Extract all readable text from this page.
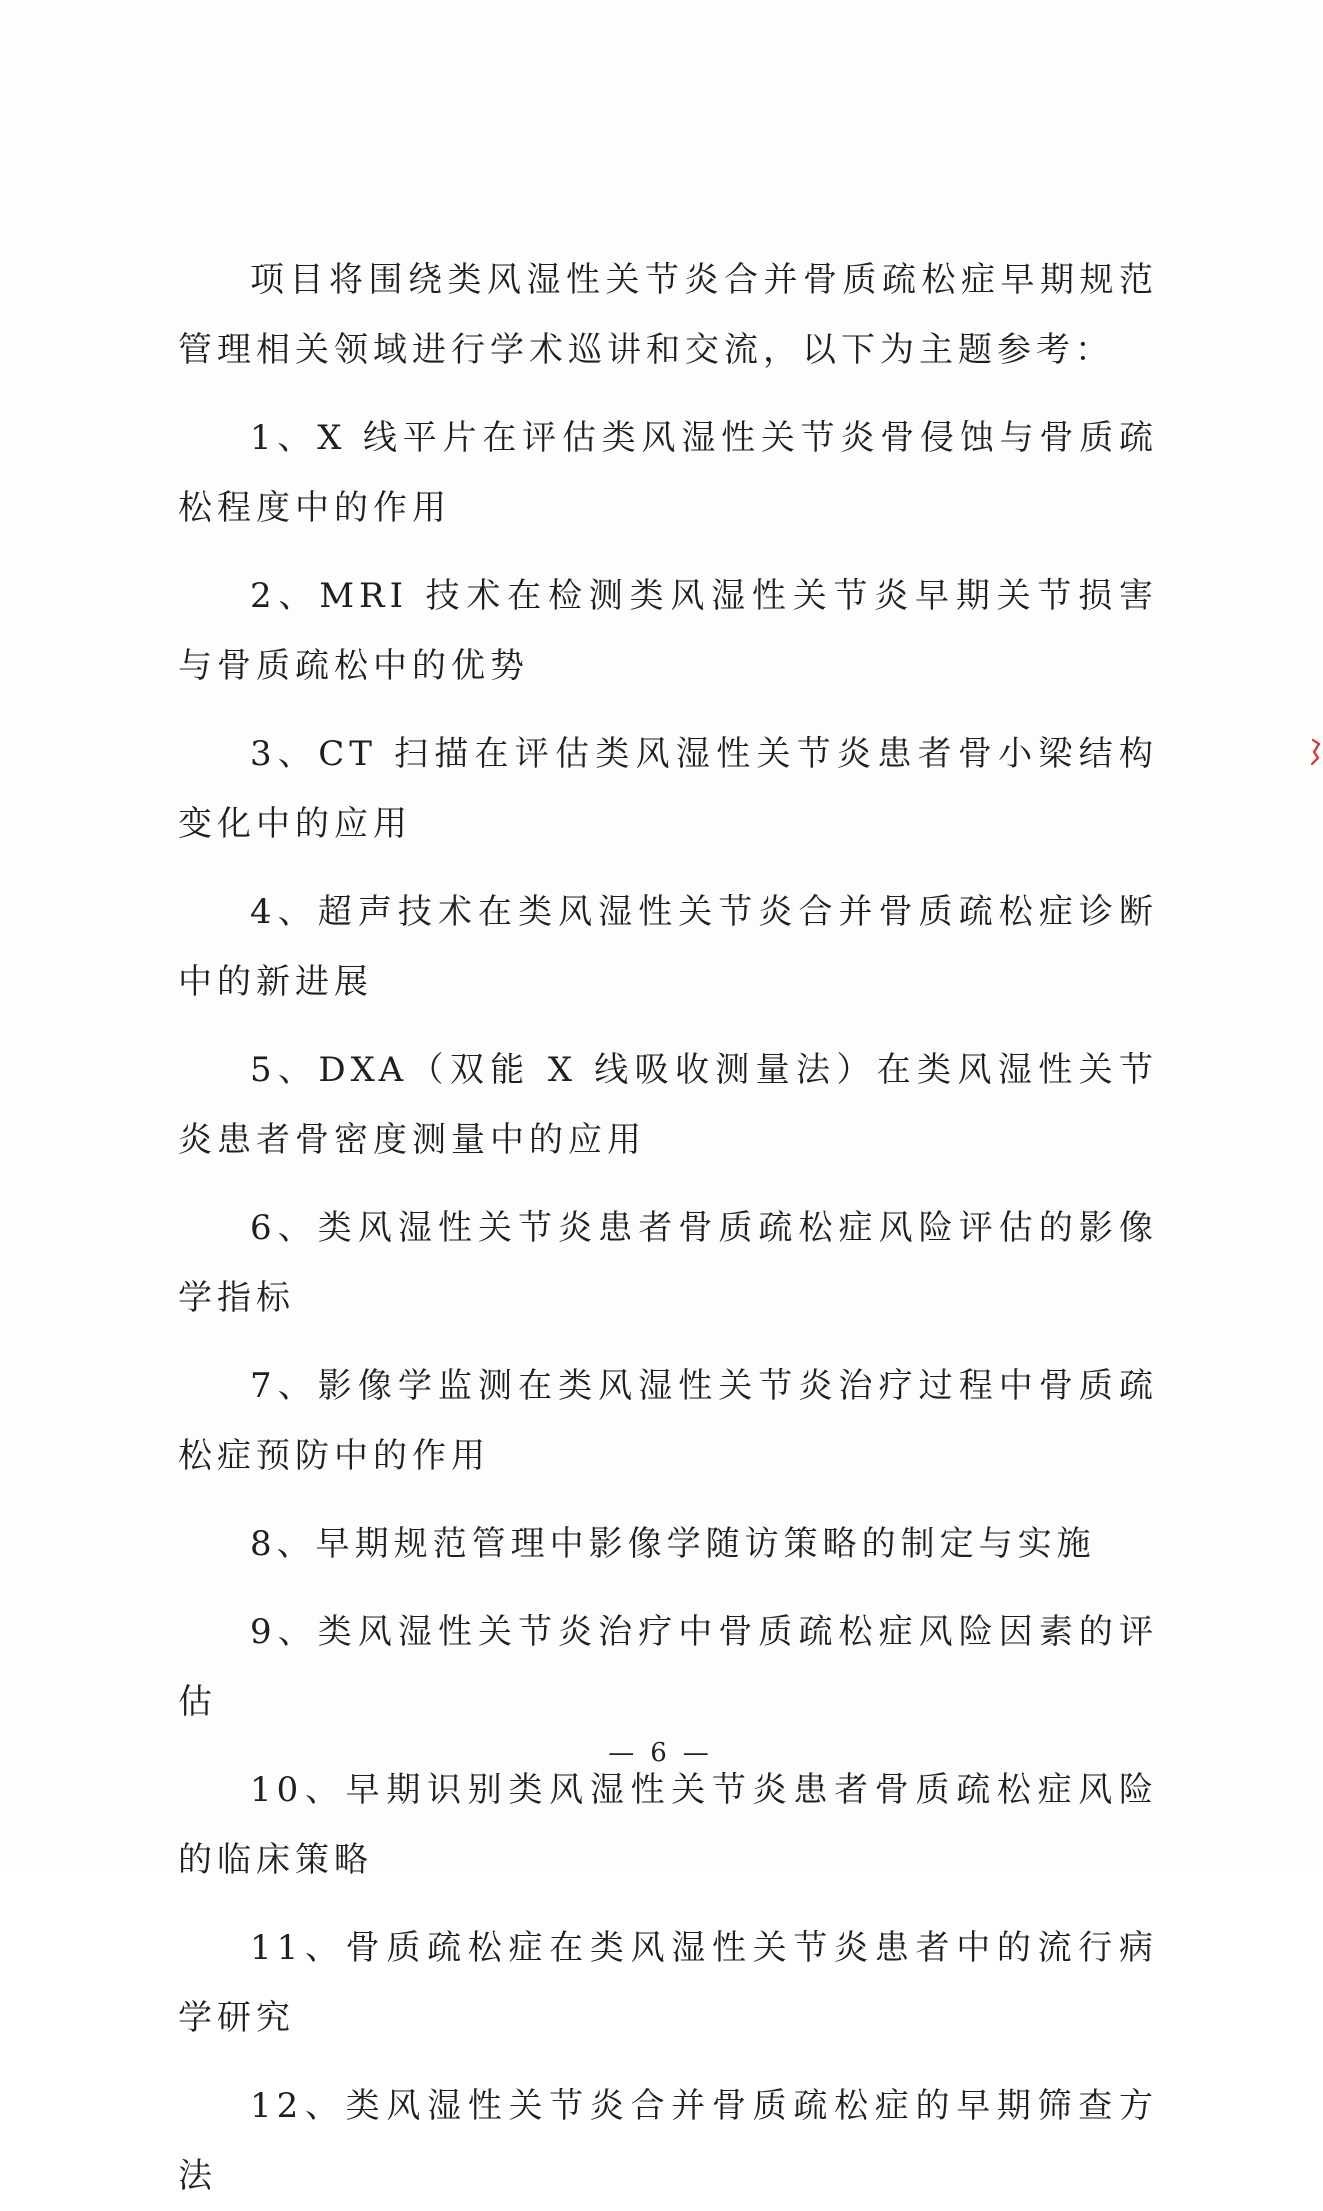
项目将围绕类风湿性关节炎合并骨质疏松症早期规范管理相关领域进行学术巡讲和交流，以下为主题参考：

1、X 线平片在评估类风湿性关节炎骨侵蚀与骨质疏松程度中的作用

2、MRI 技术在检测类风湿性关节炎早期关节损害与骨质疏松中的优势

3、CT 扫描在评估类风湿性关节炎患者骨小梁结构变化中的应用

4、超声技术在类风湿性关节炎合并骨质疏松症诊断中的新进展

5、DXA（双能 X 线吸收测量法）在类风湿性关节炎患者骨密度测量中的应用

6、类风湿性关节炎患者骨质疏松症风险评估的影像学指标

7、影像学监测在类风湿性关节炎治疗过程中骨质疏松症预防中的作用

8、早期规范管理中影像学随访策略的制定与实施

9、类风湿性关节炎治疗中骨质疏松症风险因素的评估

10、早期识别类风湿性关节炎患者骨质疏松症风险的临床策略

11、骨质疏松症在类风湿性关节炎患者中的流行病学研究

12、类风湿性关节炎合并骨质疏松症的早期筛查方法

— 6 —
